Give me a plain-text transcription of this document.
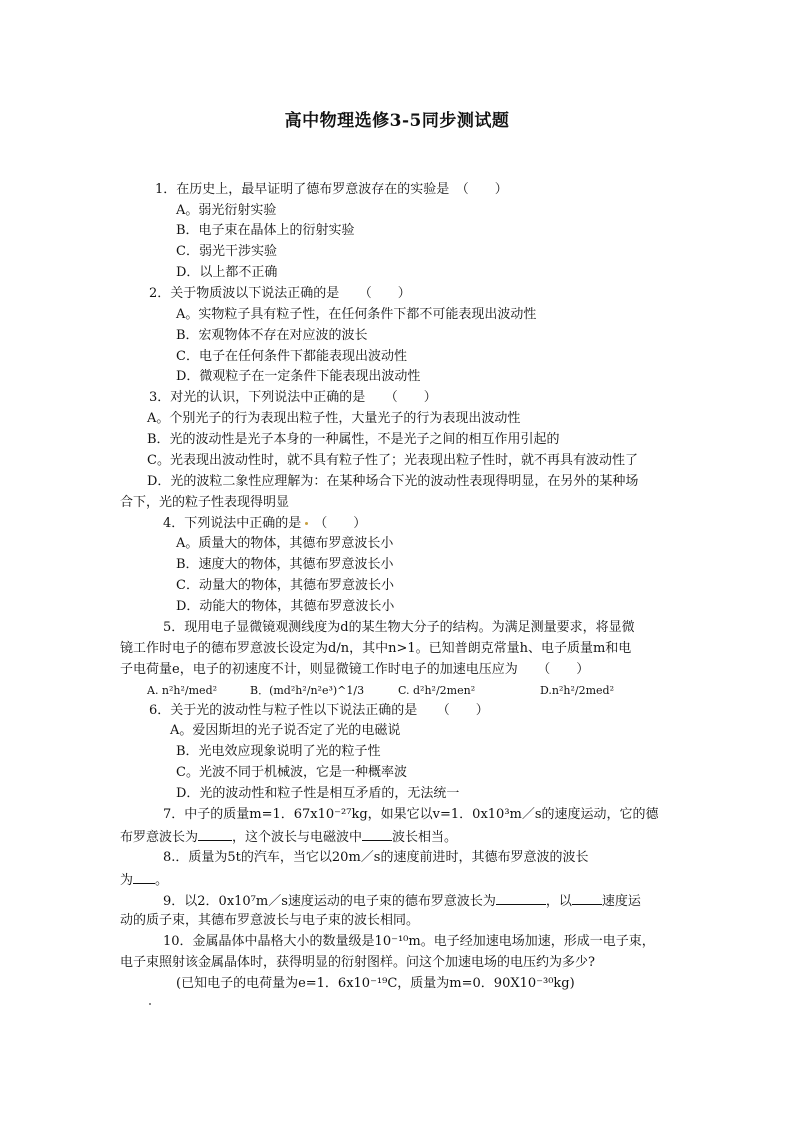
高中物理选修3-5同步测试题
1．在历史上，最早证明了德布罗意波存在的实验是　（　　）
A。弱光衍射实验
B．电子束在晶体上的衍射实验
C．弱光干涉实验
D．以上都不正确
2．关于物质波以下说法正确的是　　（　　）
A。实物粒子具有粒子性，在任何条件下都不可能表现出波动性
B．宏观物体不存在对应波的波长
C．电子在任何条件下都能表现出波动性
D．微观粒子在一定条件下能表现出波动性
3．对光的认识，下列说法中正确的是　　（　　）
A。个别光子的行为表现出粒子性，大量光子的行为表现出波动性
B．光的波动性是光子本身的一种属性，不是光子之间的相互作用引起的
C。光表现出波动性时，就不具有粒子性了；光表现出粒子性时，就不再具有波动性了
D．光的波粒二象性应理解为：在某种场合下光的波动性表现得明显，在另外的某种场
合下，光的粒子性表现得明显
4．下列说法中正确的是 （　　）
A。质量大的物体，其德布罗意波长小
B．速度大的物体，其德布罗意波长小
C．动量大的物体，其德布罗意波长小
D．动能大的物体，其德布罗意波长小
5．现用电子显微镜观测线度为d的某生物大分子的结构。为满足测量要求，将显微
镜工作时电子的德布罗意波长设定为d/n，其中n>1。已知普朗克常量h、电子质量m和电
子电荷量e，电子的初速度不计，则显微镜工作时电子的加速电压应为　　（　　）
A. n²h²/med²	B．(md²h²/n²e³)^1/3	C. d²h²/2men²	D.n²h²/2med²
6．关于光的波动性与粒子性以下说法正确的是　　（　　）
A。爱因斯坦的光子说否定了光的电磁说
B．光电效应现象说明了光的粒子性
C。光波不同于机械波，它是一种概率波
D．光的波动性和粒子性是相互矛盾的，无法统一
7．中子的质量m=1．67x10⁻²⁷kg，如果它以v=1．0x10³m／s的速度运动，它的德
布罗意波长为	，这个波长与电磁波中 波长相当。
8.．质量为5t的汽车，当它以20m／s的速度前进时，其德布罗意波的波长
为 。
9．以2．0x10⁷m／s速度运动的电子束的德布罗意波长为	，以 速度运
动的质子束，其德布罗意波长与电子束的波长相同。
10．金属晶体中晶格大小的数量级是10⁻¹⁰m。电子经加速电场加速，形成一电子束，
电子束照射该金属晶体时，获得明显的衍射图样。问这个加速电场的电压约为多少?
(已知电子的电荷量为e=1．6x10⁻¹⁹C，质量为m=0．90X10⁻³⁰kg)
